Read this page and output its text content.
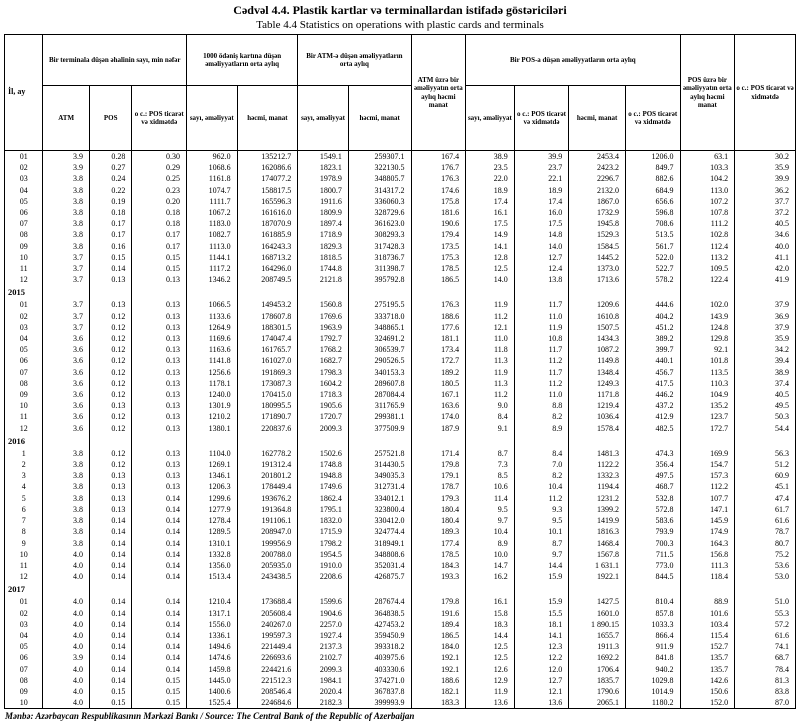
Cədvəl 4.4. Plastik kartlar və terminallardan istifadə göstəriciləri
Table 4.4 Statistics on operations with plastic cards and terminals
İl, ay	Bir terminala düşən əhalinin sayı, min nəfər			1000 ödəniş kartına düşən əməliyyatların orta aylıq		Bir ATM-ə düşən əməliyyatların orta aylıq		ATM üzrə bir əməliyyatın orta aylıq həcmi manat	Bir POS-a düşən əməliyyatların orta aylıq				POS üzrə bir əməliyyatın orta aylıq həcmi manat	o c.: POS ticarət və xidmətdə
	ATM	POS	o c.: POS ticarət və xidmətdə	sayı, əməliyyat	həcmi, manat	sayı, əməliyyat	həcmi, manat		sayı, əməliyyat	o c.: POS ticarət və xidmətdə	həcmi, manat	o c.: POS ticarət və xidmətdə		
01	3.9	0.28	0.30	962.0	135212.7	1549.1	259307.1	167.4	38.9	39.9	2453.4	1206.0	63.1	30.2
02	3.9	0.27	0.29	1068.6	162086.6	1823.1	322130.5	176.7	23.5	23.7	2423.2	849.7	103.3	35.9
03	3.8	0.24	0.25	1161.8	174077.2	1978.9	348805.7	176.3	22.0	22.1	2296.7	882.6	104.2	39.9
04	3.8	0.22	0.23	1074.7	158817.5	1800.7	314317.2	174.6	18.9	18.9	2132.0	684.9	113.0	36.2
05	3.8	0.19	0.20	1111.7	165596.3	1911.6	336060.3	175.8	17.4	17.4	1867.0	656.6	107.2	37.7
06	3.8	0.18	0.18	1067.2	161616.0	1809.9	328729.6	181.6	16.1	16.0	1732.9	596.8	107.8	37.2
07	3.8	0.17	0.18	1183.0	187070.9	1897.4	361623.0	190.6	17.5	17.5	1945.8	708.6	111.2	40.5
08	3.8	0.17	0.17	1082.7	161885.9	1718.9	308293.3	179.4	14.9	14.8	1529.3	513.5	102.8	34.6
09	3.8	0.16	0.17	1113.0	164243.3	1829.3	317428.3	173.5	14.1	14.0	1584.5	561.7	112.4	40.0
10	3.7	0.15	0.15	1144.1	168713.2	1818.5	318736.7	175.3	12.8	12.7	1445.2	522.0	113.2	41.1
11	3.7	0.14	0.15	1117.2	164296.0	1744.8	311398.7	178.5	12.5	12.4	1373.0	522.7	109.5	42.0
12	3.7	0.13	0.13	1346.2	208749.5	2121.8	395792.8	186.5	14.0	13.8	1713.6	578.2	122.4	41.9
2015														
01	3.7	0.13	0.13	1066.5	149453.2	1560.8	275195.5	176.3	11.9	11.7	1209.6	444.6	102.0	37.9
02	3.7	0.12	0.13	1133.6	178607.8	1769.6	333718.0	188.6	11.2	11.0	1610.8	404.2	143.9	36.9
03	3.7	0.12	0.13	1264.9	188301.5	1963.9	348865.1	177.6	12.1	11.9	1507.5	451.2	124.8	37.9
04	3.6	0.12	0.13	1169.6	174047.4	1792.7	324691.2	181.1	11.0	10.8	1434.3	389.2	129.8	35.9
05	3.6	0.12	0.13	1163.6	161765.7	1768.2	306539.7	173.4	11.8	11.7	1087.2	399.7	92.1	34.2
06	3.6	0.12	0.13	1141.8	161027.0	1682.7	290526.5	172.7	11.3	11.2	1149.8	440.1	101.8	39.4
07	3.6	0.12	0.13	1256.6	191869.3	1798.3	340153.3	189.2	11.9	11.7	1348.4	456.7	113.5	38.9
08	3.6	0.12	0.13	1178.1	173087.3	1604.2	289607.8	180.5	11.3	11.2	1249.3	417.5	110.3	37.4
09	3.6	0.12	0.13	1240.0	170415.0	1718.3	287084.4	167.1	11.2	11.0	1171.8	446.2	104.9	40.5
10	3.6	0.13	0.13	1301.9	180995.5	1905.6	311765.9	163.6	9.0	8.8	1219.4	437.2	135.2	49.5
11	3.6	0.12	0.13	1210.2	171890.7	1720.7	299381.1	174.0	8.4	8.2	1036.4	412.9	123.7	50.3
12	3.6	0.12	0.13	1380.1	220837.6	2009.3	377509.9	187.9	9.1	8.9	1578.4	482.5	172.7	54.4
2016														
1	3.8	0.12	0.13	1104.0	162778.2	1502.6	257521.8	171.4	8.7	8.4	1481.3	474.3	169.9	56.3
2	3.8	0.12	0.13	1269.1	191312.4	1748.8	314430.5	179.8	7.3	7.0	1122.2	356.4	154.7	51.2
3	3.8	0.13	0.13	1346.1	201801.2	1948.8	349035.3	179.1	8.5	8.2	1332.3	497.5	157.3	60.9
4	3.8	0.13	0.13	1206.3	178449.4	1749.6	312731.4	178.7	10.6	10.4	1194.4	468.7	112.2	45.1
5	3.8	0.13	0.14	1299.6	193676.2	1862.4	334012.1	179.3	11.4	11.2	1231.2	532.8	107.7	47.4
6	3.8	0.13	0.14	1277.9	191364.8	1795.1	323800.4	180.4	9.5	9.3	1399.2	572.8	147.1	61.7
7	3.8	0.14	0.14	1278.4	191106.1	1832.0	330412.0	180.4	9.7	9.5	1419.9	583.6	145.9	61.6
8	3.8	0.14	0.14	1289.5	208947.0	1715.9	324774.4	189.3	10.4	10.1	1816.3	793.9	174.9	78.7
9	3.8	0.14	0.14	1310.1	199956.9	1798.2	318949.1	177.4	8.9	8.7	1468.4	700.3	164.3	80.7
10	4.0	0.14	0.14	1332.8	200788.0	1954.5	348808.6	178.5	10.0	9.7	1567.8	711.5	156.8	75.2
11	4.0	0.14	0.14	1356.0	205935.0	1910.0	352031.4	184.3	14.7	14.4	1 631.1	773.0	111.3	53.6
12	4.0	0.14	0.14	1513.4	243438.5	2208.6	426875.7	193.3	16.2	15.9	1922.1	844.5	118.4	53.0
2017														
01	4.0	0.14	0.14	1210.4	173688.4	1599.6	287674.4	179.8	16.1	15.9	1427.5	810.4	88.9	51.0
02	4.0	0.14	0.14	1317.1	205608.4	1904.6	364838.5	191.6	15.8	15.5	1601.0	857.8	101.6	55.3
03	4.0	0.14	0.14	1556.0	240267.0	2257.0	427453.2	189.4	18.3	18.1	1 890.15	1033.3	103.4	57.2
04	4.0	0.14	0.14	1336.1	199597.3	1927.4	359450.9	186.5	14.4	14.1	1655.7	866.4	115.4	61.6
05	4.0	0.14	0.14	1494.6	221449.4	2137.3	393318.2	184.0	12.5	12.3	1911.3	911.9	152.7	74.1
06	3.9	0.14	0.14	1474.6	226693.6	2102.7	403975.6	192.1	12.5	12.2	1692.2	841.8	135.7	68.7
07	4.0	0.14	0.14	1459.8	224421.6	2099.3	403330.6	192.1	12.6	12.0	1706.4	940.2	135.7	78.4
08	4.0	0.14	0.15	1445.0	221512.3	1984.1	374271.0	188.6	12.9	12.7	1835.7	1029.8	142.6	81.3
09	4.0	0.15	0.15	1400.6	208546.4	2020.4	367837.8	182.1	11.9	12.1	1790.6	1014.9	150.6	83.8
10	4.0	0.15	0.15	1525.4	224684.6	2182.3	399993.9	183.3	13.6	13.6	2065.1	1180.2	152.0	87.0
Mənbə: Azərbaycan Respublikasının Mərkəzi Bankı / Source: The Central Bank of the Republic of Azerbaijan
